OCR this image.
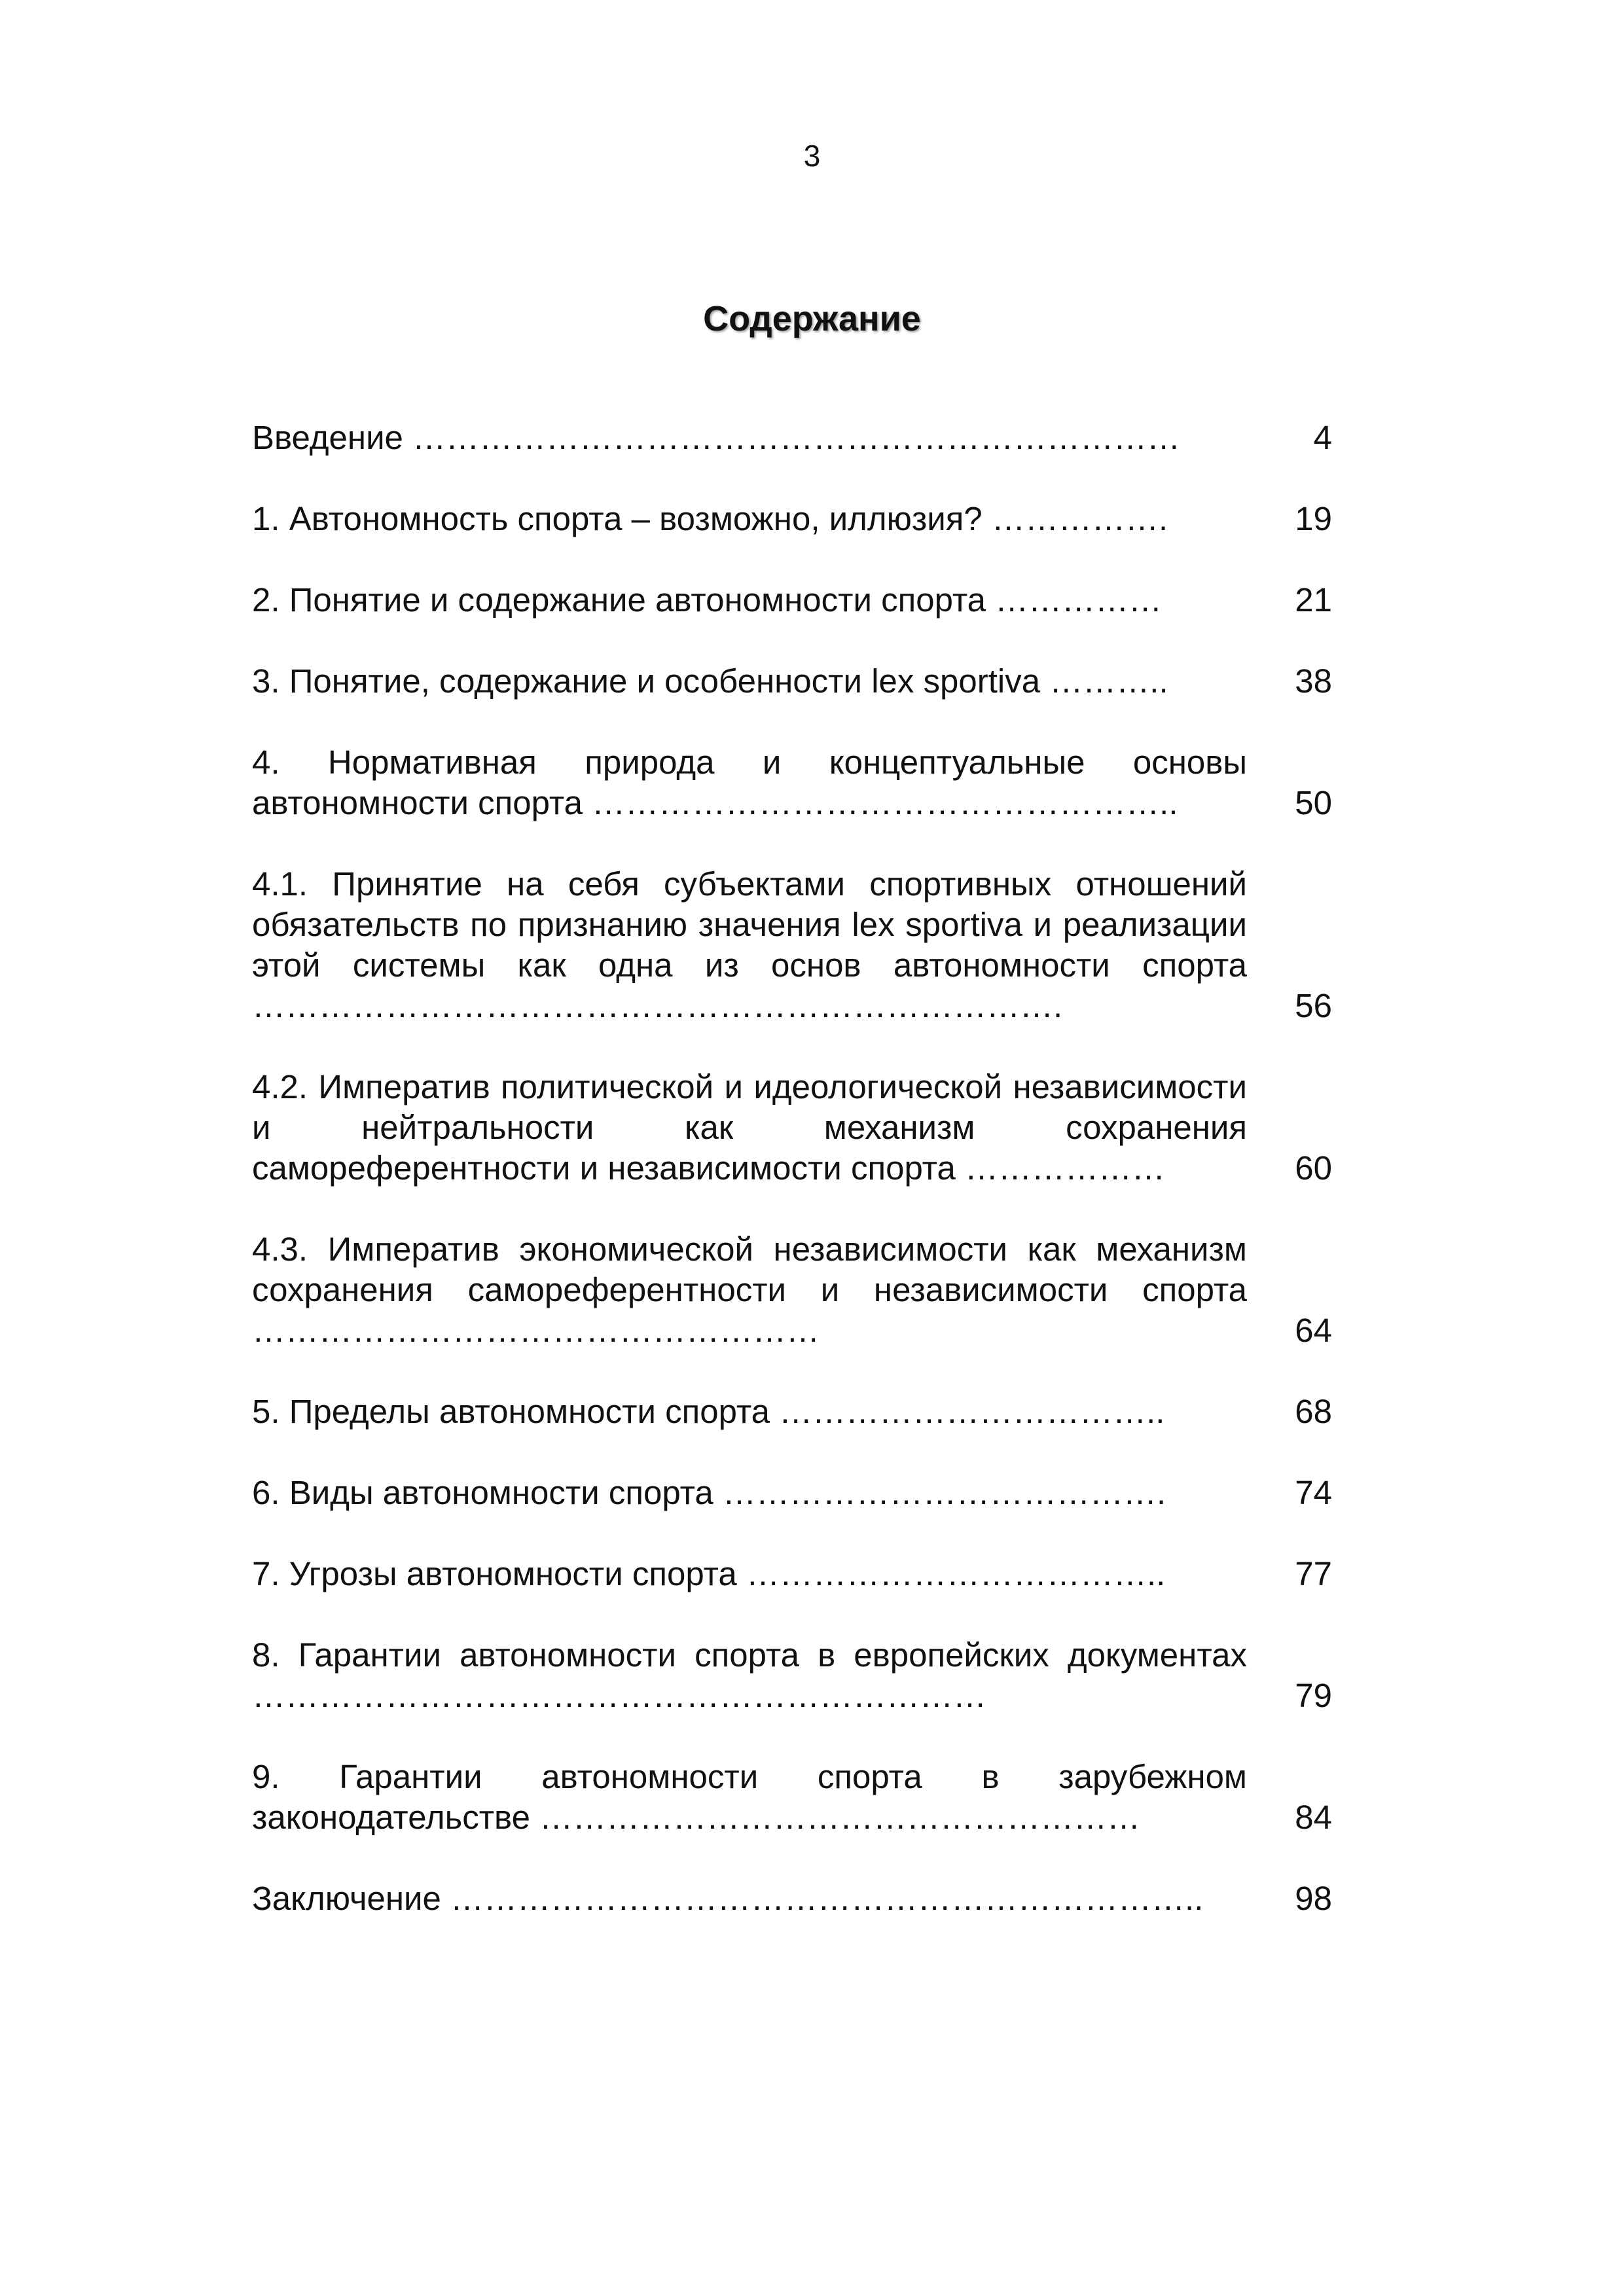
3
Содержание
Введение ……………………………………………………………	4
1. Автономность спорта – возможно, иллюзия? …………….	19
2. Понятие и содержание автономности спорта ……………	21
3. Понятие, содержание и особенности lex sportiva ………..	38
4. Нормативная природа и концептуальные основы автономности спорта ……………………………………………..	50
4.1. Принятие на себя субъектами спортивных отношений обязательств по признанию значения lex sportiva и реализации этой системы как одна из основ автономности спорта ……………………………………………………………….	56
4.2. Императив политической и идеологической независимости и нейтральности как механизм сохранения самореферентности и независимости спорта ………………	60
4.3. Императив экономической независимости как механизм сохранения самореферентности и независимости спорта ……………………………………………	64
5. Пределы автономности спорта ……………………………..	68
6. Виды автономности спорта ………………………………….	74
7. Угрозы автономности спорта ………………………………..	77
8. Гарантии автономности спорта в европейских документах …………………………………………………………	79
9. Гарантии автономности спорта в зарубежном законодательстве ………………………………………………	84
Заключение …………………………………………………………..	98
